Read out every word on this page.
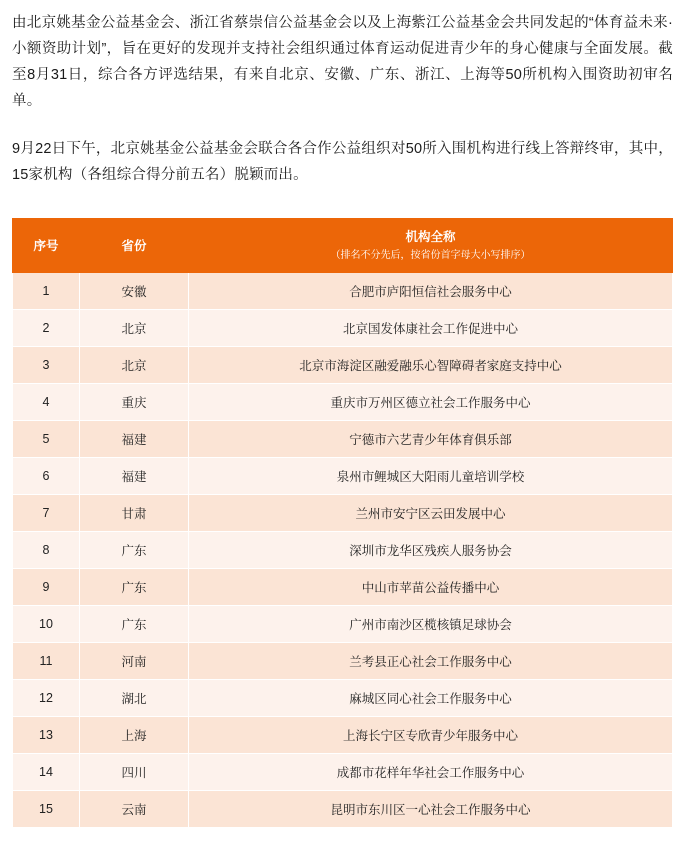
由北京姚基金公益基金会、浙江省蔡崇信公益基金会以及上海紫江公益基金会共同发起的“体育益未来·小额资助计划”，旨在更好的发现并支持社会组织通过体育运动促进青少年的身心健康与全面发展。截至8月31日，综合各方评选结果，有来自北京、安徽、广东、浙江、上海等50所机构入围资助初审名单。

9月22日下午，北京姚基金公益基金会联合各合作公益组织对50所入围机构进行线上答辩终审，其中，15家机构（各组综合得分前五名）脱颖而出。

序号	省份	机构全称
（排名不分先后，按省份首字母大小写排序）

1	安徽	合肥市庐阳恒信社会服务中心
2	北京	北京国发体康社会工作促进中心
3	北京	北京市海淀区融爱融乐心智障碍者家庭支持中心
4	重庆	重庆市万州区德立社会工作服务中心
5	福建	宁德市六艺青少年体育俱乐部
6	福建	泉州市鲤城区大阳雨儿童培训学校
7	甘肃	兰州市安宁区云田发展中心
8	广东	深圳市龙华区残疾人服务协会
9	广东	中山市苹苗公益传播中心
10	广东	广州市南沙区榄核镇足球协会
11	河南	兰考县正心社会工作服务中心
12	湖北	麻城区同心社会工作服务中心
13	上海	上海长宁区专欣青少年服务中心
14	四川	成都市花样年华社会工作服务中心
15	云南	昆明市东川区一心社会工作服务中心
